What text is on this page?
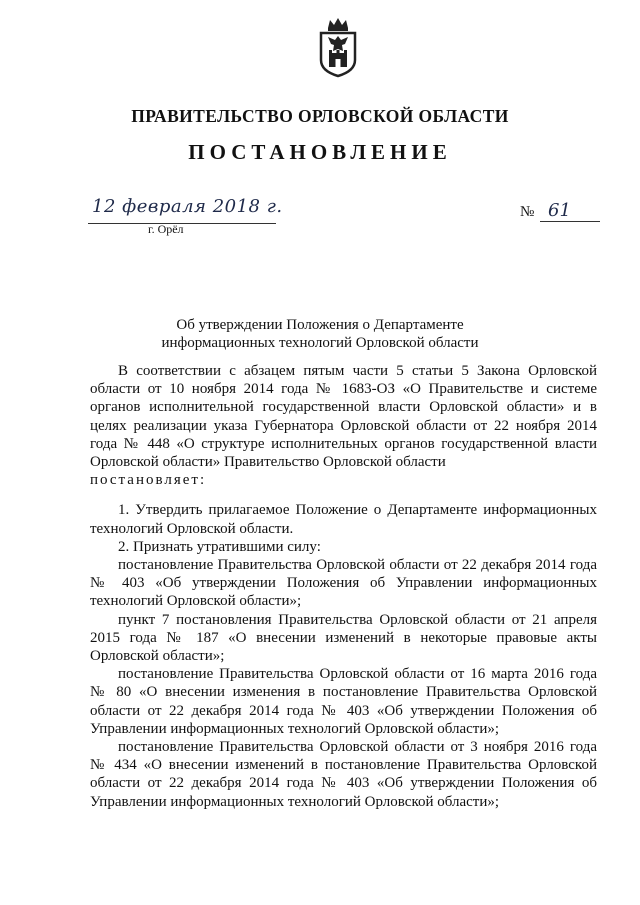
ПРАВИТЕЛЬСТВО ОРЛОВСКОЙ ОБЛАСТИ
ПОСТАНОВЛЕНИЕ
12 февраля 2018 г.
г. Орёл
№ 61
Об утверждении Положения о Департаменте
информационных технологий Орловской области

В соответствии с абзацем пятым части 5 статьи 5 Закона Орловской области от 10 ноября 2014 года № 1683-ОЗ «О Правительстве и системе органов исполнительной государственной власти Орловской области» и в целях реализации указа Губернатора Орловской области от 22 ноября 2014 года № 448 «О структуре исполнительных органов государственной власти Орловской области» Правительство Орловской области

постановляет:

1. Утвердить прилагаемое Положение о Департаменте информационных технологий Орловской области.

2. Признать утратившими силу:

постановление Правительства Орловской области от 22 декабря 2014 года № 403 «Об утверждении Положения об Управлении информационных технологий Орловской области»;

пункт 7 постановления Правительства Орловской области от 21 апреля 2015 года № 187 «О внесении изменений в некоторые правовые акты Орловской области»;

постановление Правительства Орловской области от 16 марта 2016 года № 80 «О внесении изменения в постановление Правительства Орловской области от 22 декабря 2014 года № 403 «Об утверждении Положения об Управлении информационных технологий Орловской области»;

постановление Правительства Орловской области от 3 ноября 2016 года № 434 «О внесении изменений в постановление Правительства Орловской области от 22 декабря 2014 года № 403 «Об утверждении Положения об Управлении информационных технологий Орловской области»;
